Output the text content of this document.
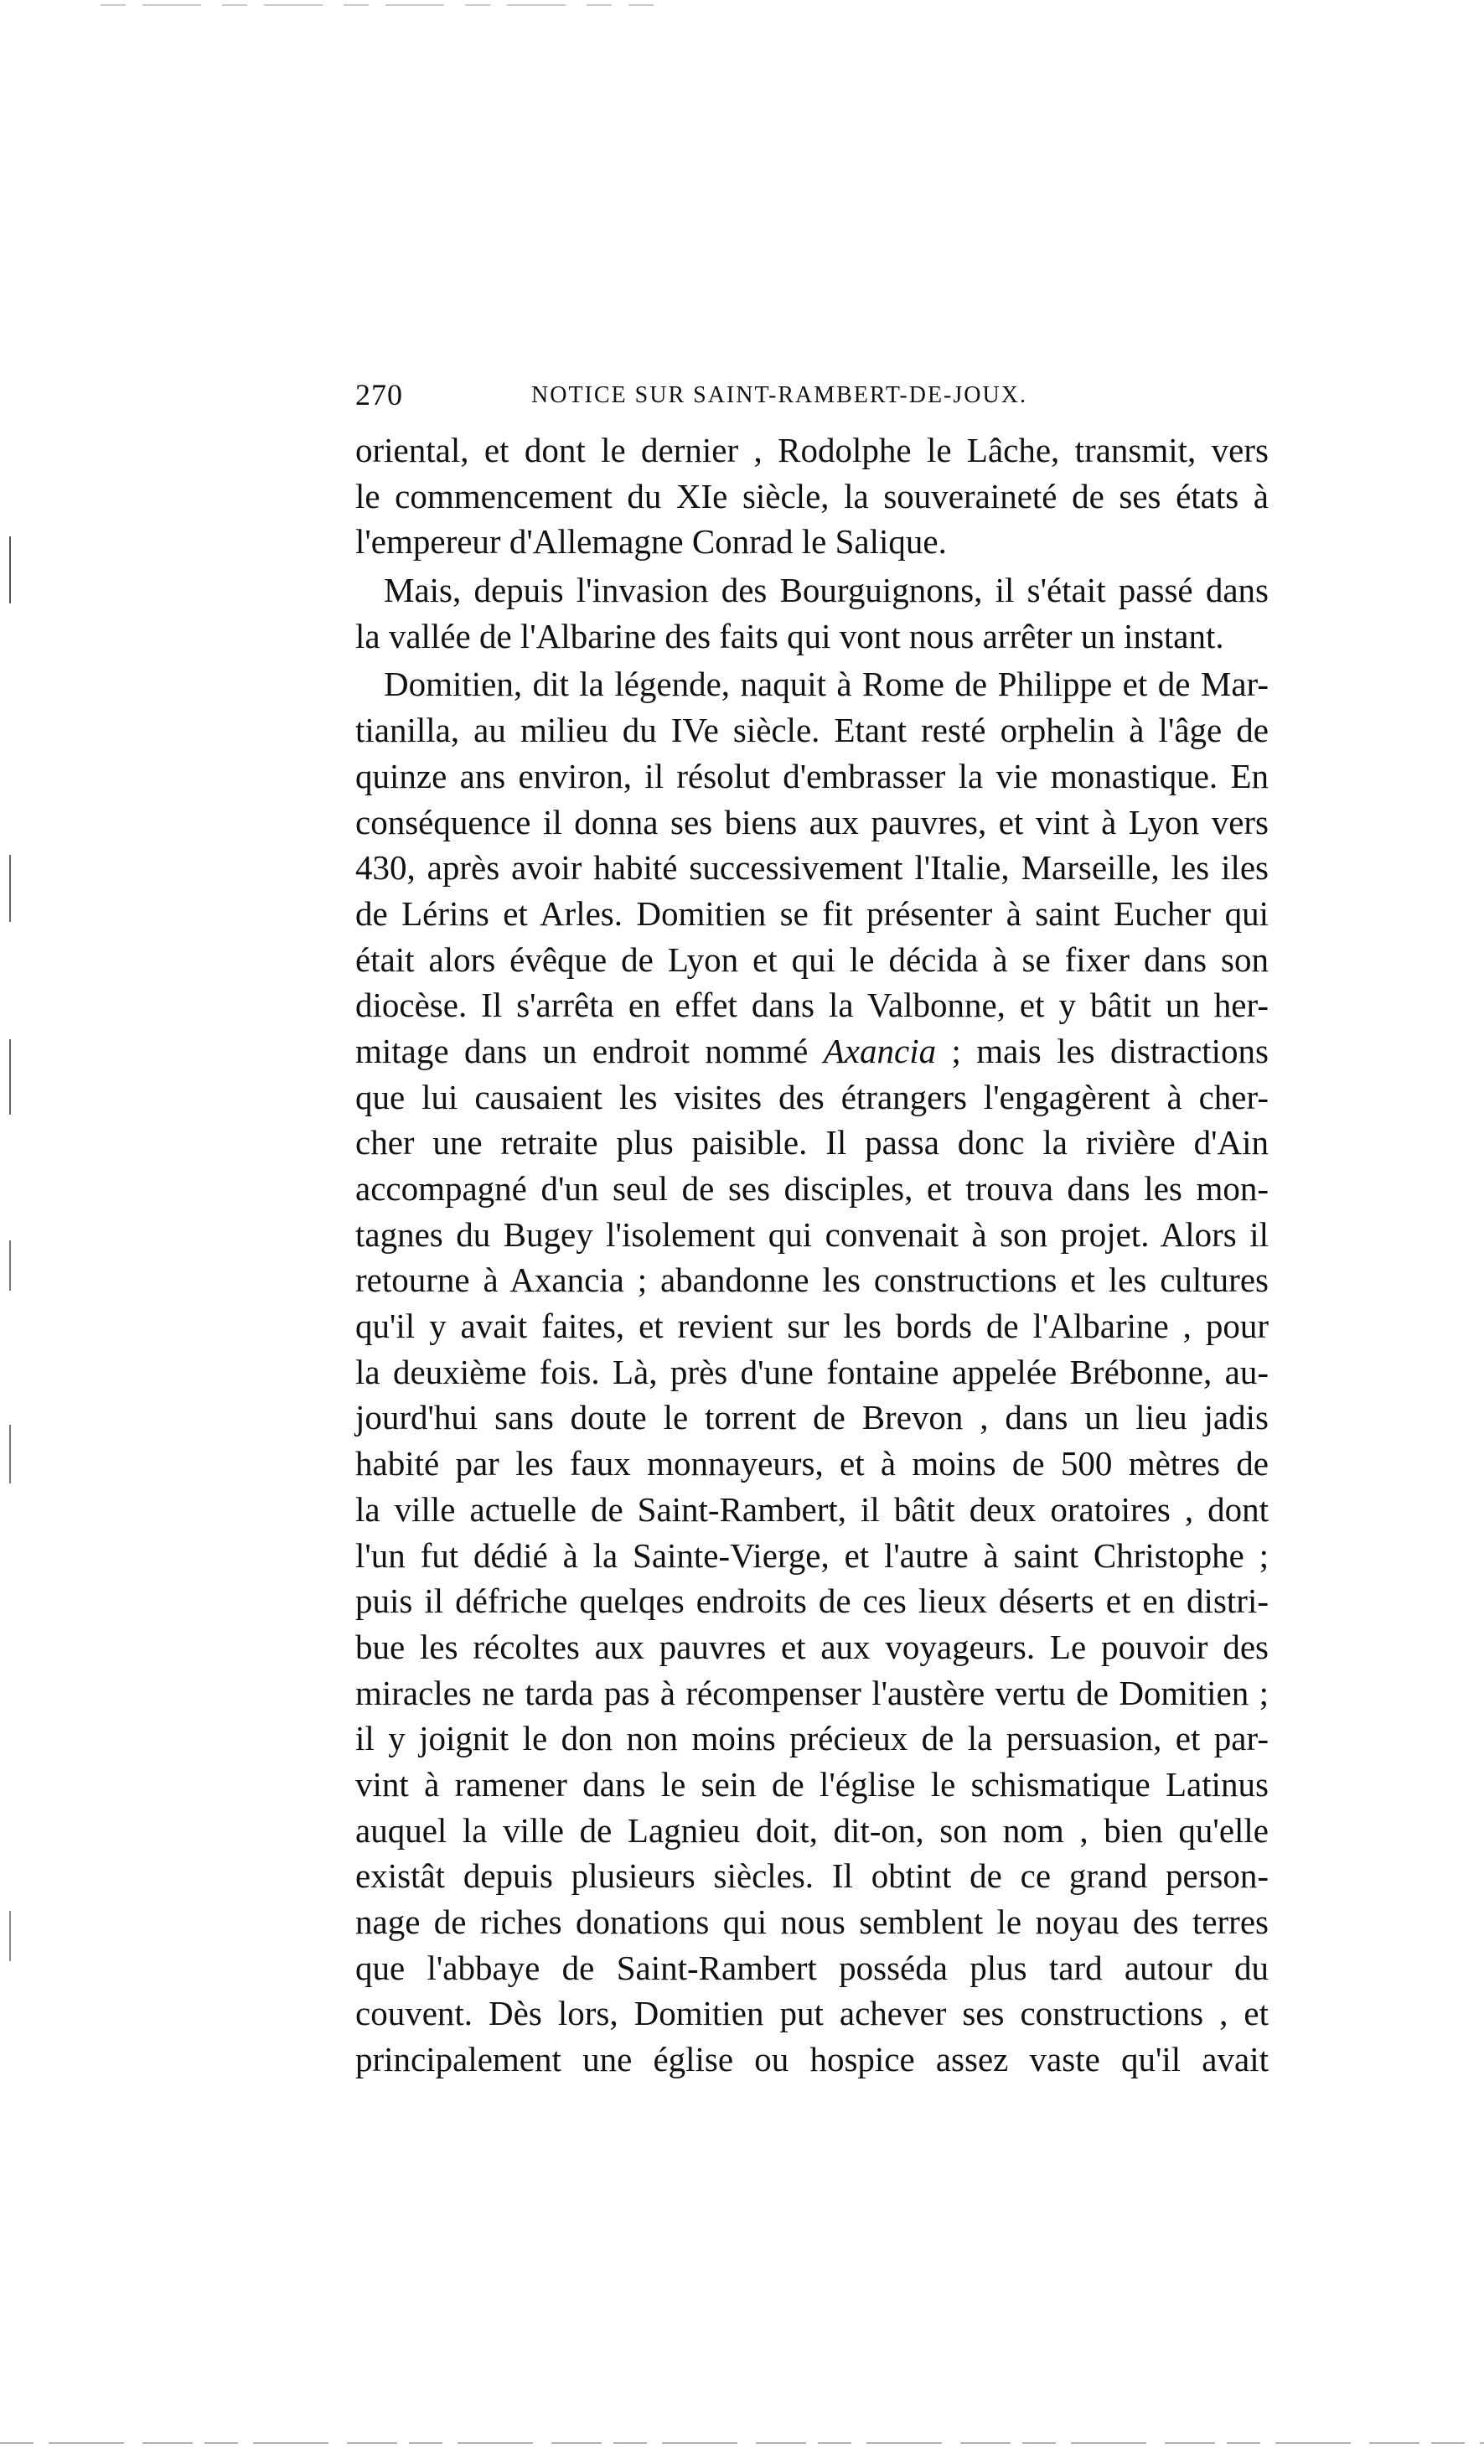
270	NOTICE SUR SAINT-RAMBERT-DE-JOUX.
oriental, et dont le dernier , Rodolphe le Lâche, transmit, vers
le commencement du XIe siècle, la souveraineté de ses états à
l'empereur d'Allemagne Conrad le Salique.
Mais, depuis l'invasion des Bourguignons, il s'était passé dans
la vallée de l'Albarine des faits qui vont nous arrêter un instant.
Domitien, dit la légende, naquit à Rome de Philippe et de Mar-
tianilla, au milieu du IVe siècle. Etant resté orphelin à l'âge de
quinze ans environ, il résolut d'embrasser la vie monastique. En
conséquence il donna ses biens aux pauvres, et vint à Lyon vers
430, après avoir habité successivement l'Italie, Marseille, les iles
de Lérins et Arles. Domitien se fit présenter à saint Eucher qui
était alors évêque de Lyon et qui le décida à se fixer dans son
diocèse. Il s'arrêta en effet dans la Valbonne, et y bâtit un her-
mitage dans un endroit nommé Axancia ; mais les distractions
que lui causaient les visites des étrangers l'engagèrent à cher-
cher une retraite plus paisible. Il passa donc la rivière d'Ain
accompagné d'un seul de ses disciples, et trouva dans les mon-
tagnes du Bugey l'isolement qui convenait à son projet. Alors il
retourne à Axancia ; abandonne les constructions et les cultures
qu'il y avait faites, et revient sur les bords de l'Albarine , pour
la deuxième fois. Là, près d'une fontaine appelée Brébonne, au-
jourd'hui sans doute le torrent de Brevon , dans un lieu jadis
habité par les faux monnayeurs, et à moins de 500 mètres de
la ville actuelle de Saint-Rambert, il bâtit deux oratoires , dont
l'un fut dédié à la Sainte-Vierge, et l'autre à saint Christophe ;
puis il défriche quelqes endroits de ces lieux déserts et en distri-
bue les récoltes aux pauvres et aux voyageurs. Le pouvoir des
miracles ne tarda pas à récompenser l'austère vertu de Domitien ;
il y joignit le don non moins précieux de la persuasion, et par-
vint à ramener dans le sein de l'église le schismatique Latinus
auquel la ville de Lagnieu doit, dit-on, son nom , bien qu'elle
existât depuis plusieurs siècles. Il obtint de ce grand person-
nage de riches donations qui nous semblent le noyau des terres
que l'abbaye de Saint-Rambert posséda plus tard autour du
couvent. Dès lors, Domitien put achever ses constructions , et
principalement une église ou hospice assez vaste qu'il avait
